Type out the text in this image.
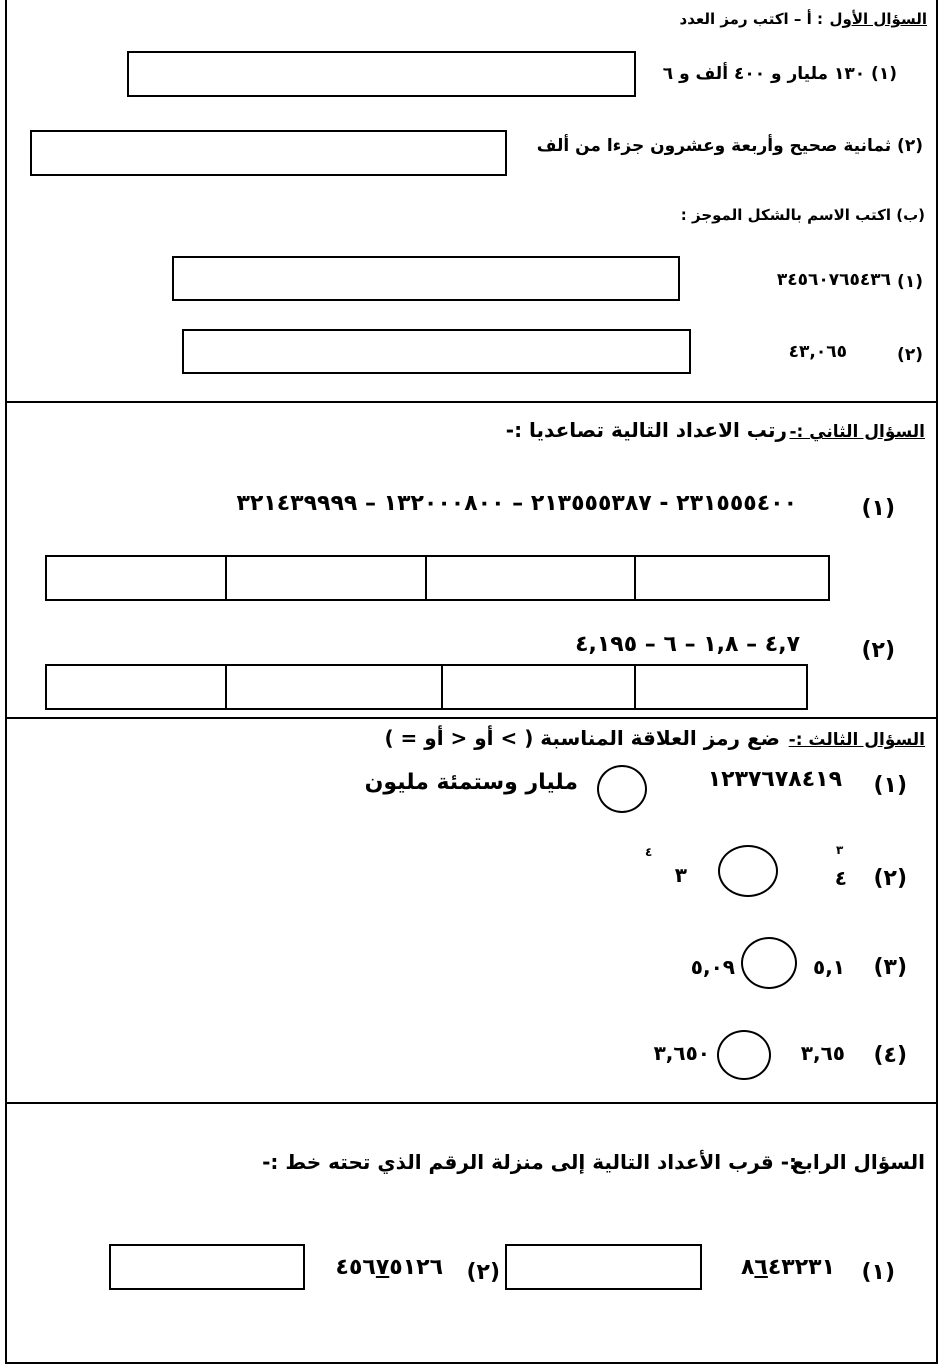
السؤال الأول
: أ – اكتب رمز العدد
(١) ١٣٠ مليار و ٤٠٠ ألف و ٦
(٢) ثمانية صحيح وأربعة وعشرون جزءا من ألف
(ب) اكتب الاسم بالشكل الموجز :
(١)
٣٤٥٦٠٧٦٥٤٣٦
(٢)
٤٣,٠٦٥
السؤال الثاني :-
رتب الاعداد التالية تصاعديا :-
(١)
٢٣١٥٥٥٤٠٠ - ٢١٣٥٥٥٣٨٧ – ١٣٢٠٠٠٨٠٠ – ٣٢١٤٣٩٩٩٩
(٢)
٤,٧ – ١,٨ – ٦ – ٤,١٩٥
السؤال الثالث :-
ضع رمز العلاقة المناسبة ( > أو < أو = )
(١)
١٢٣٧٦٧٨٤١٩
مليار وستمئة مليون
(٢)
٤
٣
٣
٤
(٣)
٥,١
٥,٠٩
(٤)
٣,٦٥
٣,٦٥٠
السؤال الرابع
:- قرب الأعداد التالية إلى منزلة الرقم الذي تحته خط :-
(١)
٨٦٤٣٢٣١
(٢)
٤٥٦٧٥١٢٦
